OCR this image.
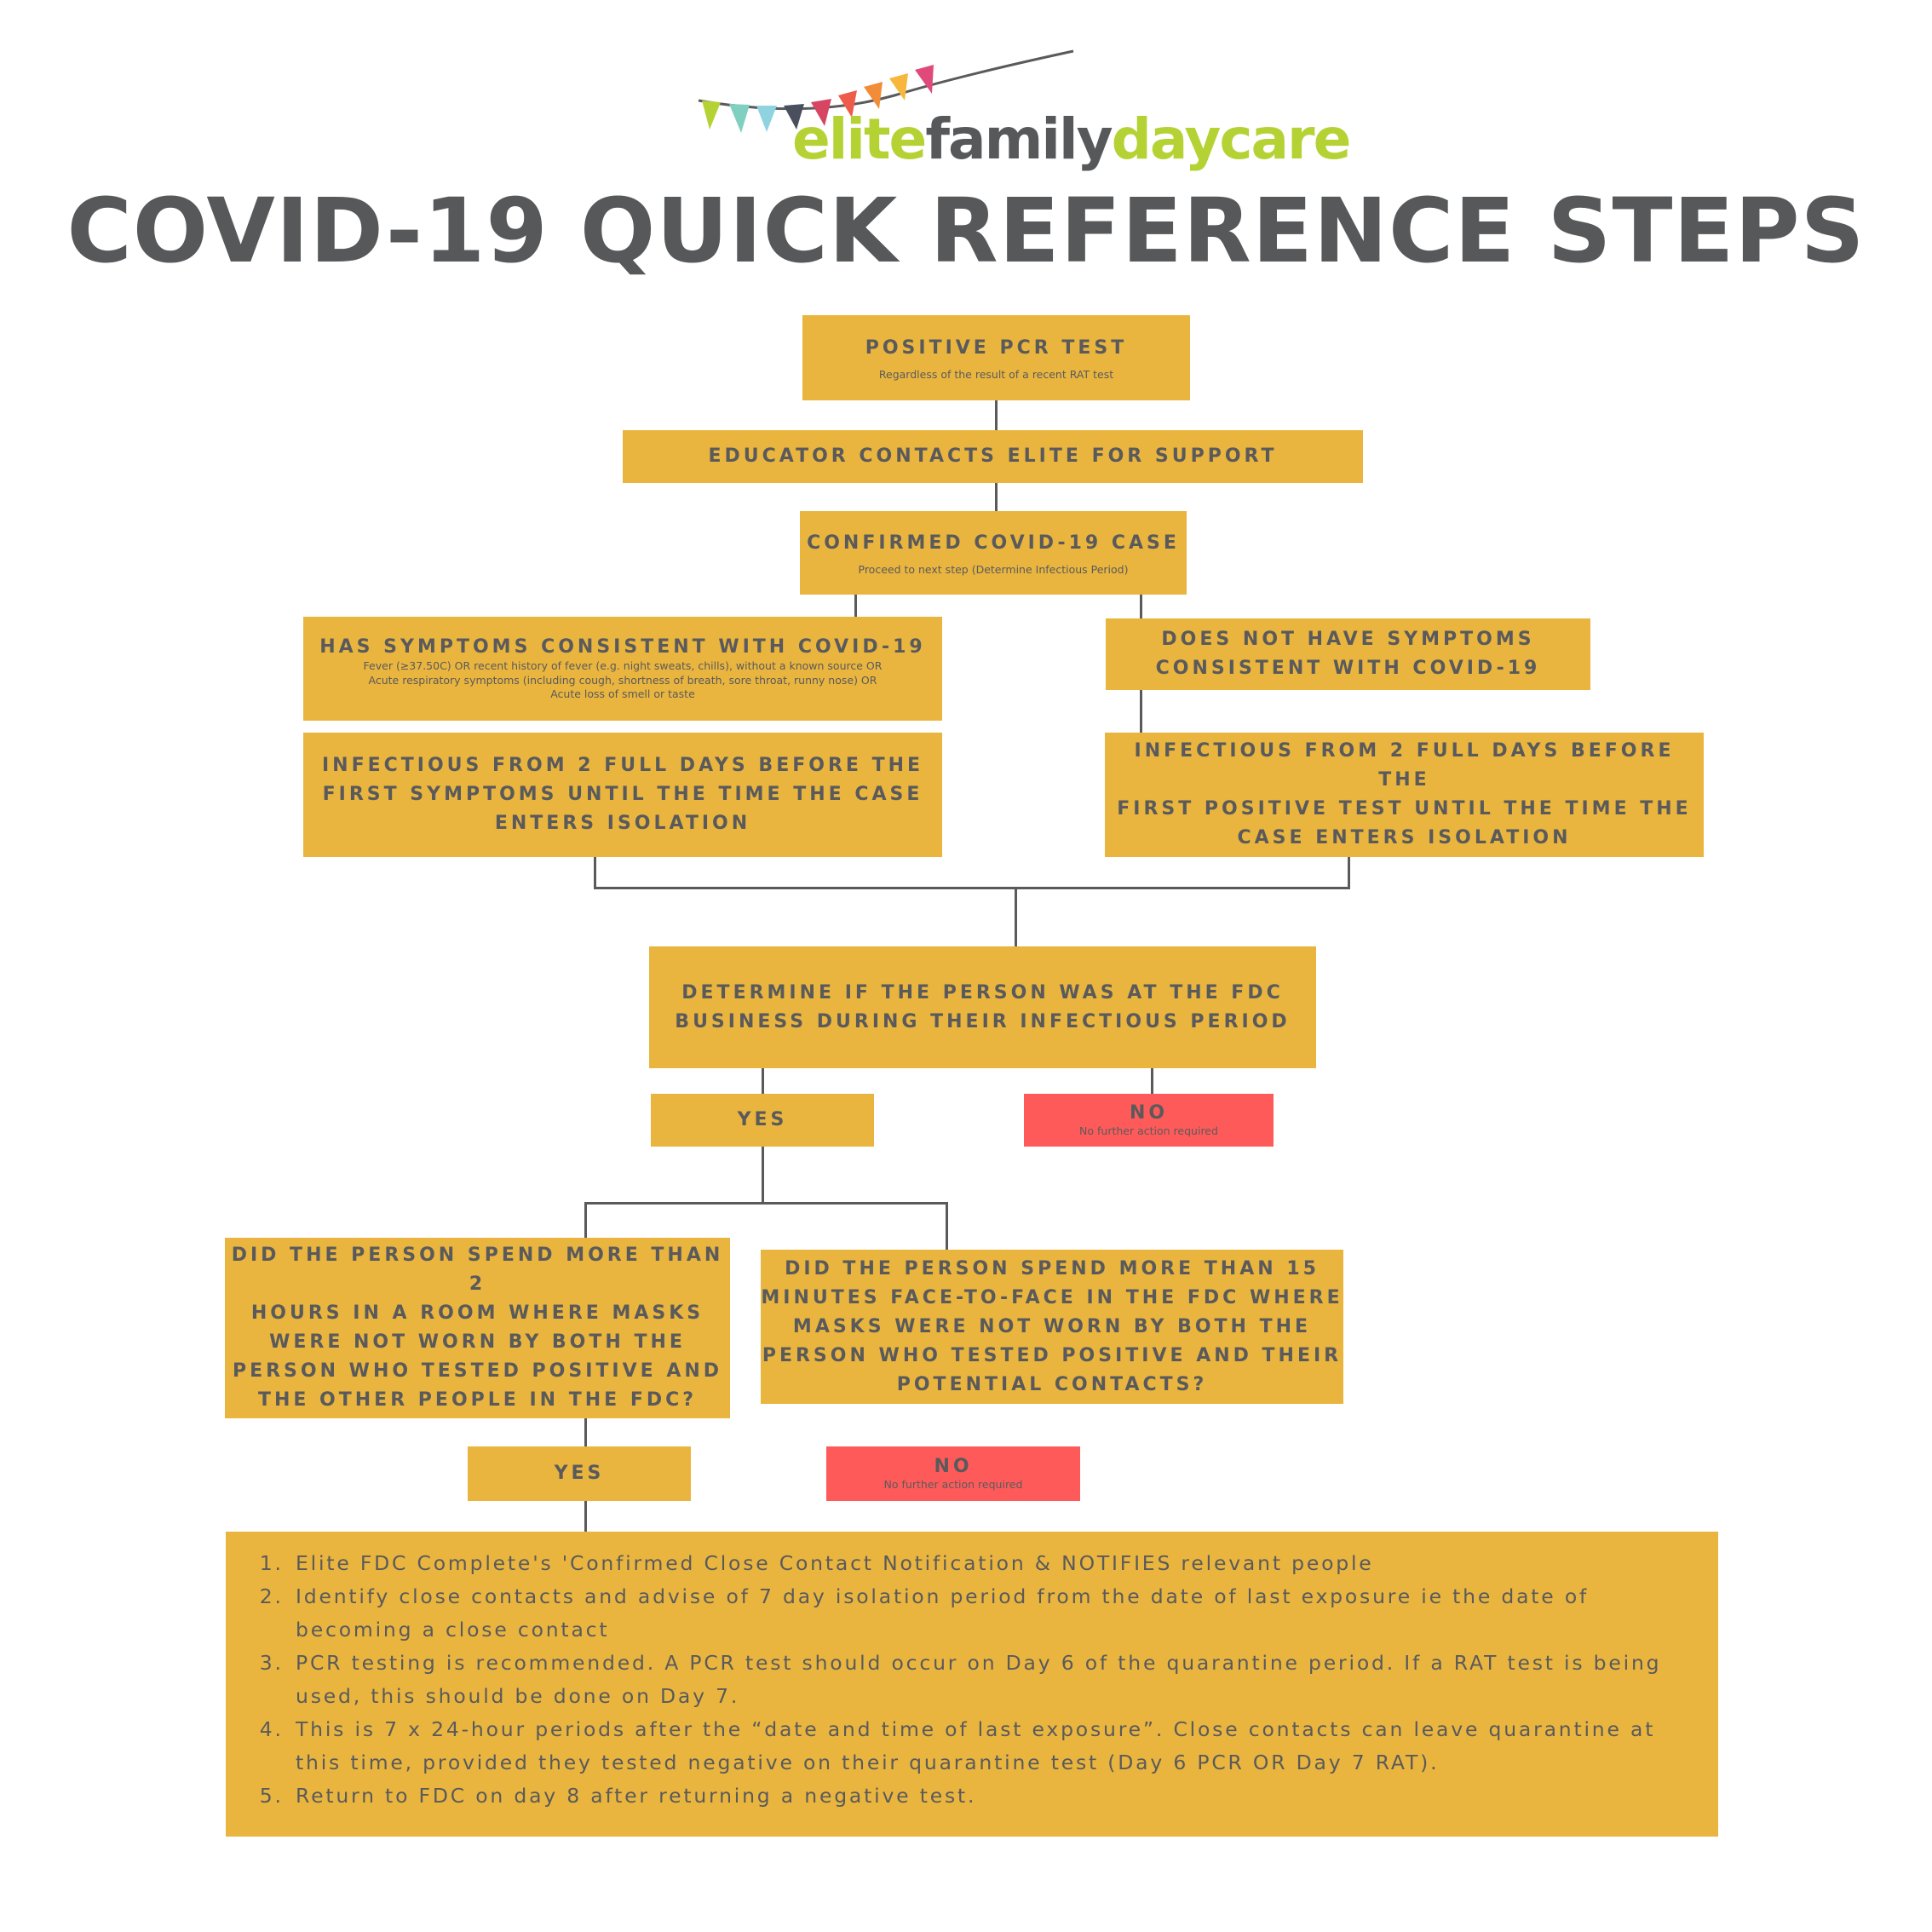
elitefamilydaycare
COVID-19 QUICK REFERENCE STEPS
POSITIVE PCR TEST
Regardless of the result of a recent RAT test
EDUCATOR CONTACTS ELITE FOR SUPPORT
CONFIRMED COVID-19 CASE
Proceed to next step (Determine Infectious Period)
HAS SYMPTOMS CONSISTENT WITH COVID-19
Fever (≥37.50C) OR recent history of fever (e.g. night sweats, chills), without a known source OR
Acute respiratory symptoms (including cough, shortness of breath, sore throat, runny nose) OR
Acute loss of smell or taste
DOES NOT HAVE SYMPTOMS
CONSISTENT WITH COVID-19
INFECTIOUS FROM 2 FULL DAYS BEFORE THE
FIRST SYMPTOMS UNTIL THE TIME THE CASE
ENTERS ISOLATION
INFECTIOUS FROM 2 FULL DAYS BEFORE THE
FIRST POSITIVE TEST UNTIL THE TIME THE
CASE ENTERS ISOLATION
DETERMINE IF THE PERSON WAS AT THE FDC
BUSINESS DURING THEIR INFECTIOUS PERIOD
YES	NO
No further action required
DID THE PERSON SPEND MORE THAN 2
HOURS IN A ROOM WHERE MASKS
WERE NOT WORN BY BOTH THE
PERSON WHO TESTED POSITIVE AND
THE OTHER PEOPLE IN THE FDC?
DID THE PERSON SPEND MORE THAN 15
MINUTES FACE-TO-FACE IN THE FDC WHERE
MASKS WERE NOT WORN BY BOTH THE
PERSON WHO TESTED POSITIVE AND THEIR
POTENTIAL CONTACTS?
YES	NO
No further action required
1. Elite FDC Complete's 'Confirmed Close Contact Notification & NOTIFIES relevant people
2. Identify close contacts and advise of 7 day isolation period from the date of last exposure ie the date of becoming a close contact
3. PCR testing is recommended. A PCR test should occur on Day 6 of the quarantine period. If a RAT test is being used, this should be done on Day 7.
4. This is 7 x 24-hour periods after the “date and time of last exposure”. Close contacts can leave quarantine at this time, provided they tested negative on their quarantine test (Day 6 PCR OR Day 7 RAT).
5. Return to FDC on day 8 after returning a negative test.
